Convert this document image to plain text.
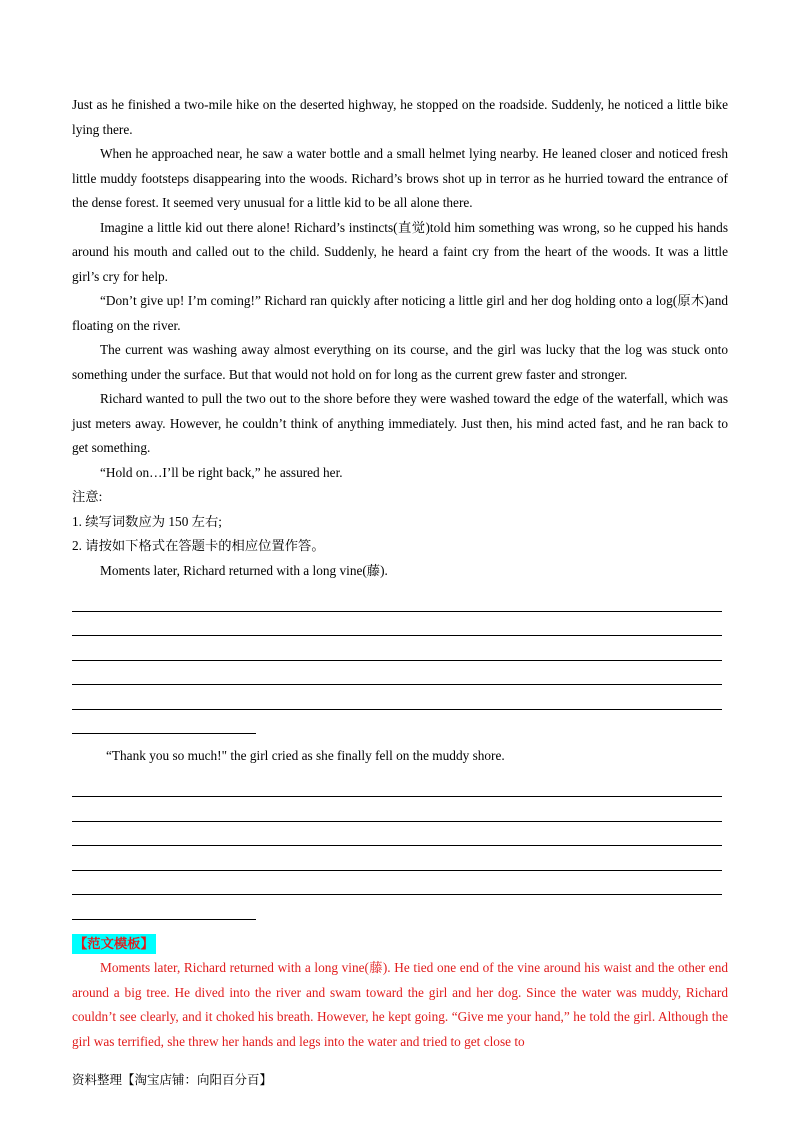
Just as he finished a two-mile hike on the deserted highway, he stopped on the roadside. Suddenly, he noticed a little bike lying there.

When he approached near, he saw a water bottle and a small helmet lying nearby. He leaned closer and noticed fresh little muddy footsteps disappearing into the woods. Richard’s brows shot up in terror as he hurried toward the entrance of the dense forest. It seemed very unusual for a little kid to be all alone there.

Imagine a little kid out there alone! Richard’s instincts(直觉)told him something was wrong, so he cupped his hands around his mouth and called out to the child. Suddenly, he heard a faint cry from the heart of the woods. It was a little girl’s cry for help.

“Don’t give up! I’m coming!” Richard ran quickly after noticing a little girl and her dog holding onto a log(原木)and floating on the river.

The current was washing away almost everything on its course, and the girl was lucky that the log was stuck onto something under the surface. But that would not hold on for long as the current grew faster and stronger.

Richard wanted to pull the two out to the shore before they were washed toward the edge of the waterfall, which was just meters away. However, he couldn’t think of anything immediately. Just then, his mind acted fast, and he ran back to get something.

“Hold on…I’ll be right back,” he assured her.

注意:

1. 续写词数应为 150 左右;

2. 请按如下格式在答题卡的相应位置作答。

Moments later, Richard returned with a long vine(藤).

“Thank you so much!" the girl cried as she finally fell on the muddy shore.

【范文模板】

Moments later, Richard returned with a long vine(藤). He tied one end of the vine around his waist and the other end around a big tree. He dived into the river and swam toward the girl and her dog. Since the water was muddy, Richard couldn’t see clearly, and it choked his breath. However, he kept going. “Give me your hand,” he told the girl. Although the girl was terrified, she threw her hands and legs into the water and tried to get close to

资料整理【淘宝店铺：向阳百分百】
